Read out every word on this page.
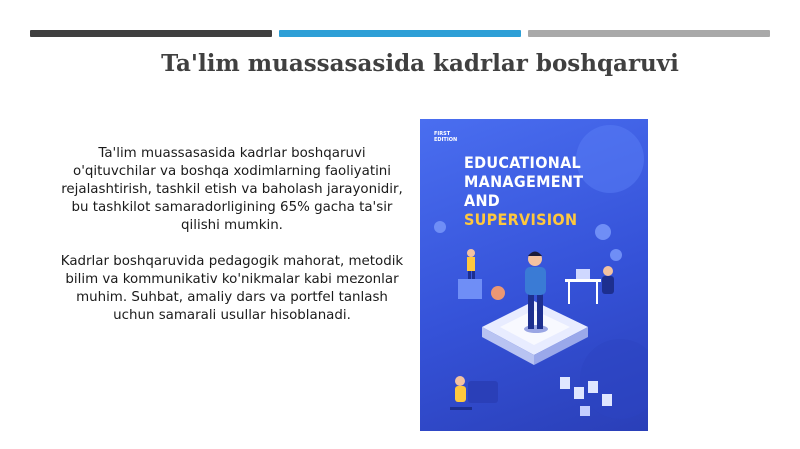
Ta'lim muassasasida kadrlar boshqaruvi

Ta'lim muassasasida kadrlar boshqaruvi o'qituvchilar va boshqa xodimlarning faoliyatini rejalashtirish, tashkil etish va baholash jarayonidir, bu tashkilot samaradorligining 65% gacha ta'sir qilishi mumkin.

Kadrlar boshqaruvida pedagogik mahorat, metodik bilim va kommunikativ ko'nikmalar kabi mezonlar muhim. Suhbat, amaliy dars va portfel tanlash uchun samarali usullar hisoblanadi.

FIRST EDITION
EDUCATIONAL
MANAGEMENT
AND
SUPERVISION
